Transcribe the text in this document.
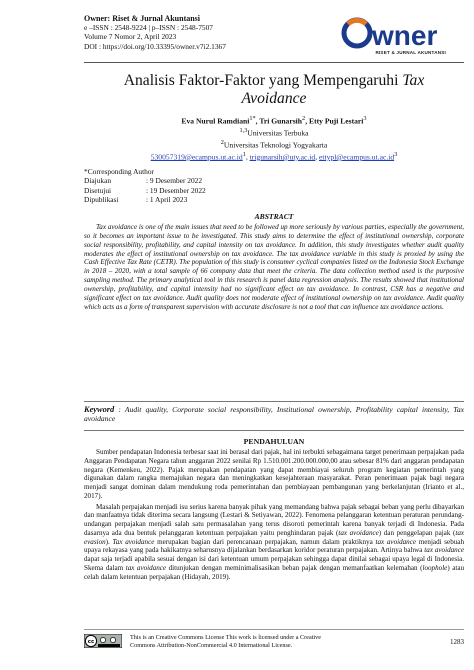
Owner: Riset & Jurnal Akuntansi
e –ISSN : 2548-9224 | p–ISSN : 2548-7507
Volume 7 Nomor 2, April 2023
DOI : https://doi.org/10.33395/owner.v7i2.1367	wner
RISET & JURNAL AKUNTANSI
Analisis Faktor-Faktor yang Mempengaruhi Tax
Avoidance
Eva Nurul Ramdiani$^{1*}$, Tri Gunarsih$^2$, Etty Puji Lestari$^3$
$^{1,3}$Universitas Terbuka
$^2$Universitas Teknologi Yogyakarta
$530057319@ecampus.ut.ac.id^1$, trigunarsih@uty.ac.id, $ettypl@ecampus.ut.ac.id^3$
*Corresponding Author
Diajukan	: 9 Desember 2022
Disetujui	: 19 Desember 2022
Dipublikasi	: 1 April 2023
ABSTRACT
Tax avoidance is one of the main issues that need to be followed up more seriously by various parties, especially the government, so it becomes an important issue to be investigated. This study aims to determine the effect of institutional ownership, corporate social responsibility, profitability, and capital intensity on tax avoidance. In addition, this study investigates whether audit quality moderates the effect of institutional ownership on tax avoidance. The tax avoidance variable in this study is proxied by using the Cash Effective Tax Rate (CETR). The population of this study is consumer cyclical companies listed on the Indonesia Stock Exchange in 2018 – 2020, with a total sample of 66 company data that meet the criteria. The data collection method used is the purposive sampling method. The primary analytical tool in this research is panel data regression analysis. The results showed that institutional ownership, profitability, and capital intensity had no significant effect on tax avoidance. In contrast, CSR has a negative and significant effect on tax avoidance. Audit quality does not moderate effect of institutional ownership on tax avoidance. Audit quality which acts as a form of transparent supervision with accurate disclosure is not a tool that can influence tax avoidance actions.
Keyword : Audit quality, Corporate social responsibility, Institutional ownership, Profitability capital intensity, Tax avoidance
PENDAHULUAN

Sumber pendapatan Indonesia terbesar saat ini berasal dari pajak, hal ini terbukti sebagaimana target penerimaan perpajakan pada Anggaran Pendapatan Negara tahun anggaran 2022 senilai Rp 1.510.001.200.000.000,00 atau sebesar 81% dari anggaran pendapatan negara (Kemenkeu, 2022). Pajak merupakan pendapatan yang dapat membiayai seluruh program kegiatan pemerintah yang digunakan dalam rangka memajukan negara dan meningkatkan kesejahteraan masyarakat. Peran penerimaan pajak bagi negara menjadi sangat dominan dalam mendukung roda pemerintahan dan pembiayaan pembangunan yang berkelanjutan (Irianto et al., 2017).

Masalah perpajakan menjadi isu serius karena banyak pihak yang memandang bahwa pajak sebagai beban yang perlu dibayarkan dan manfaatnya tidak diterima secara langsung (Lestari & Setiyawan, 2022). Fenomena pelanggaran ketentuan peraturan perundang-undangan perpajakan menjadi salah satu permasalahan yang terus disoroti pemerintah karena banyak terjadi di Indonesia. Pada dasarnya ada dua bentuk pelanggaran ketentuan perpajakan yaitu penghindaran pajak (tax avoidance) dan penggelapan pajak (tax evasion). Tax avoidance merupakan bagian dari perencanaan perpajakan, namun dalam praktiknya tax avoidance menjadi sebuah upaya rekayasa yang pada hakikatnya seharusnya dijalankan berdasarkan koridor peraturan perpajakan. Artinya bahwa tax avoidance dapat saja terjadi apabila sesuai dengan isi dari ketentuan umum perpajakan sehingga dapat dinilai sebagai upaya legal di Indonesia. Skema dalam tax avoidance ditunjukan dengan meminimalisasikan beban pajak dengan memanfaatkan kelemahan (loophole) atau celah dalam ketentuan perpajakan (Hidayah, 2019).

cc
This is an Creative Commons License This work is licensed under a Creative
Commons Attribution-NonCommercial 4.0 International License.	1283
